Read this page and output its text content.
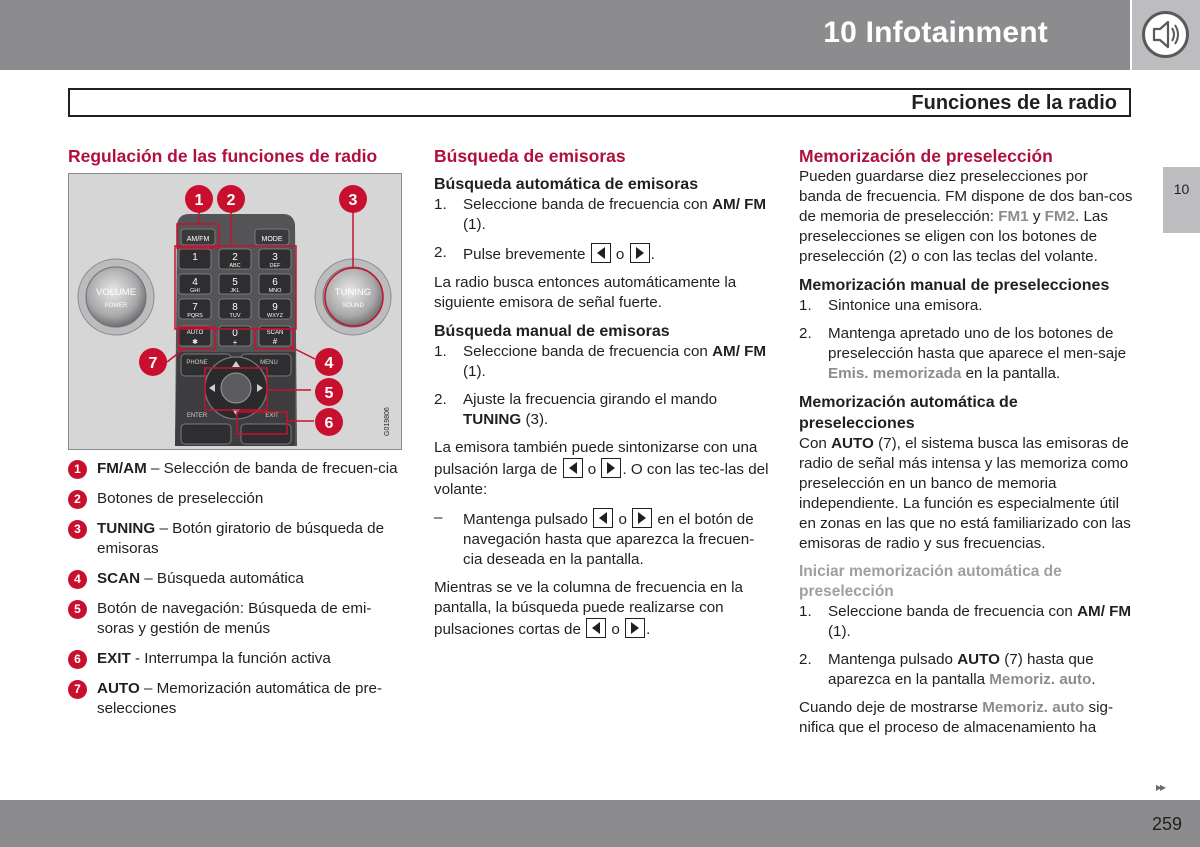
10 Infotainment
Funciones de la radio
10
Regulación de las funciones de radio
AM/FM	MODE
1	2	3
ABC	DEF
4	5	6
GHI	JKL	MNO
7	8	9
PQRS	TUV	WXYZ
AUTO	0	SCAN
✱	+	#
PHONE	MENU
ENTER	EXIT
VOLUME
POWER
TUNING
SOUND
1 2	3
4
5
6
7
G019806
1	FM/AM – Selección de banda de frecuen-cia
2	Botones de preselección
3	TUNING – Botón giratorio de búsqueda de emisoras
4	SCAN – Búsqueda automática
5	Botón de navegación: Búsqueda de emi-soras y gestión de menús
6	EXIT - Interrumpa la función activa
7	AUTO – Memorización automática de pre-selecciones
Búsqueda de emisoras
Búsqueda automática de emisoras
1. Seleccione banda de frecuencia con AM/ FM (1).
2. Pulse brevemente o .

La radio busca entonces automáticamente la siguiente emisora de señal fuerte.

Búsqueda manual de emisoras
1. Seleccione banda de frecuencia con AM/ FM (1).
2. Ajuste la frecuencia girando el mando TUNING (3).

La emisora también puede sintonizarse con una pulsación larga de o . O con las tec-las del volante:

– Mantenga pulsado o en el botón de navegación hasta que aparezca la frecuen-cia deseada en la pantalla.

Mientras se ve la columna de frecuencia en la pantalla, la búsqueda puede realizarse con pulsaciones cortas de o .

Memorización de preselección

Pueden guardarse diez preselecciones por banda de frecuencia. FM dispone de dos ban-cos de memoria de preselección: FM1 y FM2. Las preselecciones se eligen con los botones de preselección (2) o con las teclas del volante.

Memorización manual de preselecciones
1. Sintonice una emisora.
2. Mantenga apretado uno de los botones de preselección hasta que aparece el men-saje Emis. memorizada en la pantalla.
Memorización automática de preselecciones

Con AUTO (7), el sistema busca las emisoras de radio de señal más intensa y las memoriza como preselección en un banco de memoria independiente. La función es especialmente útil en zonas en las que no está familiarizado con las emisoras de radio y sus frecuencias.

Iniciar memorización automática de preselección
1. Seleccione banda de frecuencia con AM/ FM (1).
2. Mantenga pulsado AUTO (7) hasta que aparezca en la pantalla Memoriz. auto.

Cuando deje de mostrarse Memoriz. auto sig-nifica que el proceso de almacenamiento ha

▸▸
259
